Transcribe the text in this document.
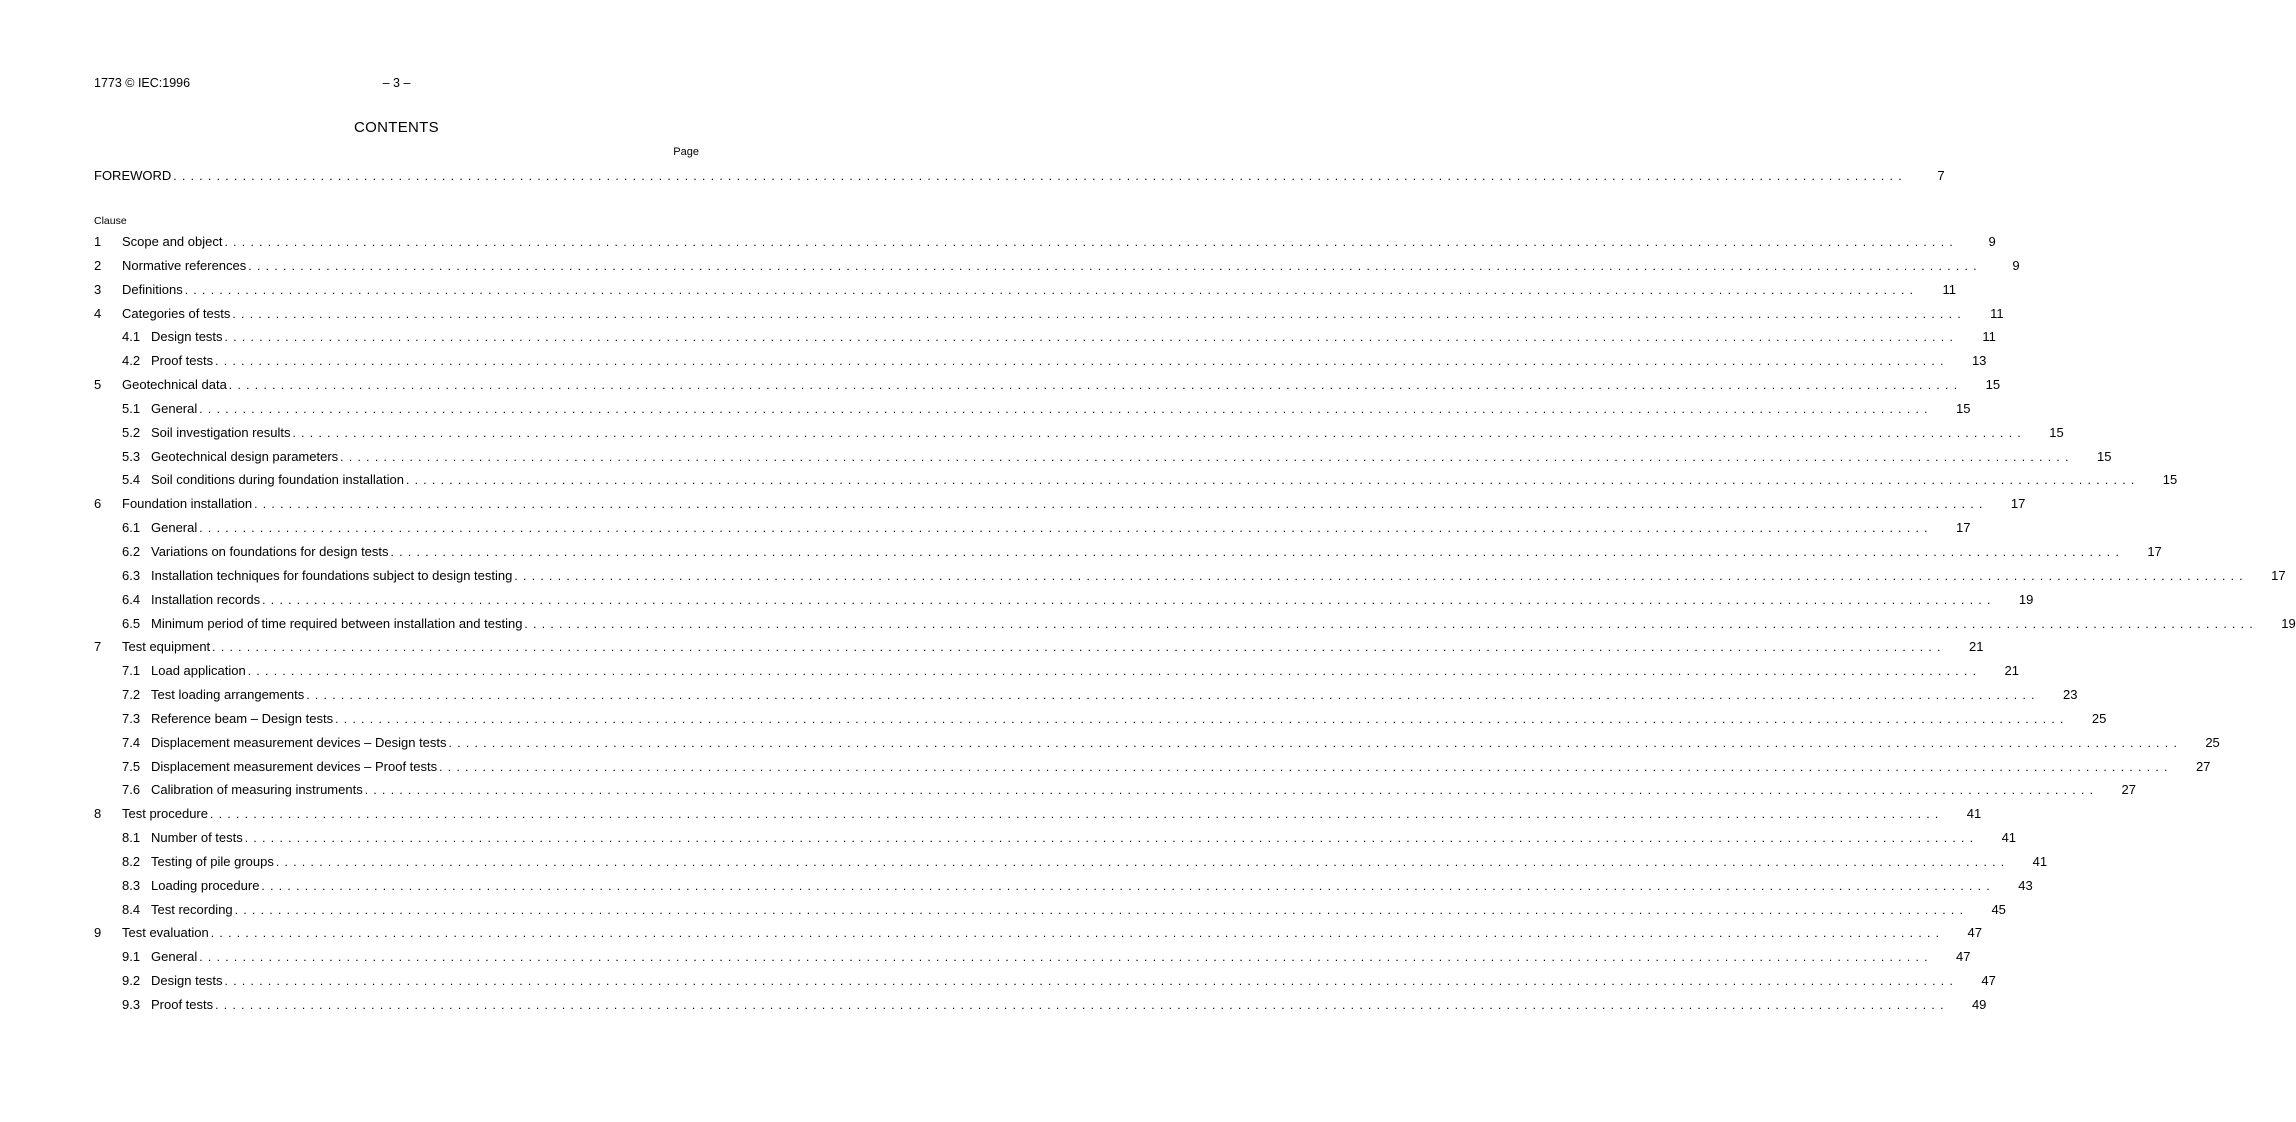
1773 © IEC:1996	– 3 –
CONTENTS
Page
FOREWORD . . . . . . . . . . . . . . . . . . . . . . . . . . . . . . . . . . . . . . . . . . . . . . . . . . . . . . . . . . . . . . . . . . . . . . . . . . . . . . . . . . . . . . . . . . . . . . . . . . . . . . . . . . . . . . . . . . . . . . . . . . . . . . . . . . . . . . . . . . . . . . . . . . . . . . . . . . . . . . . . . . . . . . . . . . . . . . . . . . . . . . . . . . . . . . . . . . . . . . . .	7
Clause
1	Scope and object . . . . . . . . . . . . . . . . . . . . . . . . . . . . . . . . . . . . . . . . . . . . . . . . . . . . . . . . . . . . . . . . . . . . . . . . . . . . . . . . . . . . . . . . . . . . . . . . . . . . . . . . . . . . . . . . . . . . . . . . . . . . . . . . . . . . . . . . . . . . . . . . . . . . . . . . . . . . . . . . . . . . . . . . . . . . . . . . . . . . . . . . . . . . . . . . . . . . . . . .	9
2	Normative references . . . . . . . . . . . . . . . . . . . . . . . . . . . . . . . . . . . . . . . . . . . . . . . . . . . . . . . . . . . . . . . . . . . . . . . . . . . . . . . . . . . . . . . . . . . . . . . . . . . . . . . . . . . . . . . . . . . . . . . . . . . . . . . . . . . . . . . . . . . . . . . . . . . . . . . . . . . . . . . . . . . . . . . . . . . . . . . . . . . . . . . . . . . . . . . . . . . . . . . .	9
3	Definitions . . . . . . . . . . . . . . . . . . . . . . . . . . . . . . . . . . . . . . . . . . . . . . . . . . . . . . . . . . . . . . . . . . . . . . . . . . . . . . . . . . . . . . . . . . . . . . . . . . . . . . . . . . . . . . . . . . . . . . . . . . . . . . . . . . . . . . . . . . . . . . . . . . . . . . . . . . . . . . . . . . . . . . . . . . . . . . . . . . . . . . . . . . . . . . . . . . . . . . . .	11
4	Categories of tests . . . . . . . . . . . . . . . . . . . . . . . . . . . . . . . . . . . . . . . . . . . . . . . . . . . . . . . . . . . . . . . . . . . . . . . . . . . . . . . . . . . . . . . . . . . . . . . . . . . . . . . . . . . . . . . . . . . . . . . . . . . . . . . . . . . . . . . . . . . . . . . . . . . . . . . . . . . . . . . . . . . . . . . . . . . . . . . . . . . . . . . . . . . . . . . . . . . . . . . .	11
4.1 Design tests . . . . . . . . . . . . . . . . . . . . . . . . . . . . . . . . . . . . . . . . . . . . . . . . . . . . . . . . . . . . . . . . . . . . . . . . . . . . . . . . . . . . . . . . . . . . . . . . . . . . . . . . . . . . . . . . . . . . . . . . . . . . . . . . . . . . . . . . . . . . . . . . . . . . . . . . . . . . . . . . . . . . . . . . . . . . . . . . . . . . . . . . . . . . . . . . . . . . . . . .	11
4.2 Proof tests . . . . . . . . . . . . . . . . . . . . . . . . . . . . . . . . . . . . . . . . . . . . . . . . . . . . . . . . . . . . . . . . . . . . . . . . . . . . . . . . . . . . . . . . . . . . . . . . . . . . . . . . . . . . . . . . . . . . . . . . . . . . . . . . . . . . . . . . . . . . . . . . . . . . . . . . . . . . . . . . . . . . . . . . . . . . . . . . . . . . . . . . . . . . . . . . . . . . . . . .	13
5	Geotechnical data . . . . . . . . . . . . . . . . . . . . . . . . . . . . . . . . . . . . . . . . . . . . . . . . . . . . . . . . . . . . . . . . . . . . . . . . . . . . . . . . . . . . . . . . . . . . . . . . . . . . . . . . . . . . . . . . . . . . . . . . . . . . . . . . . . . . . . . . . . . . . . . . . . . . . . . . . . . . . . . . . . . . . . . . . . . . . . . . . . . . . . . . . . . . . . . . . . . . . . . .	15
5.1 General . . . . . . . . . . . . . . . . . . . . . . . . . . . . . . . . . . . . . . . . . . . . . . . . . . . . . . . . . . . . . . . . . . . . . . . . . . . . . . . . . . . . . . . . . . . . . . . . . . . . . . . . . . . . . . . . . . . . . . . . . . . . . . . . . . . . . . . . . . . . . . . . . . . . . . . . . . . . . . . . . . . . . . . . . . . . . . . . . . . . . . . . . . . . . . . . . . . . . . . .	15
5.2 Soil investigation results . . . . . . . . . . . . . . . . . . . . . . . . . . . . . . . . . . . . . . . . . . . . . . . . . . . . . . . . . . . . . . . . . . . . . . . . . . . . . . . . . . . . . . . . . . . . . . . . . . . . . . . . . . . . . . . . . . . . . . . . . . . . . . . . . . . . . . . . . . . . . . . . . . . . . . . . . . . . . . . . . . . . . . . . . . . . . . . . . . . . . . . . . . . . . . . . . . . . . . . .	15
5.3 Geotechnical design parameters . . . . . . . . . . . . . . . . . . . . . . . . . . . . . . . . . . . . . . . . . . . . . . . . . . . . . . . . . . . . . . . . . . . . . . . . . . . . . . . . . . . . . . . . . . . . . . . . . . . . . . . . . . . . . . . . . . . . . . . . . . . . . . . . . . . . . . . . . . . . . . . . . . . . . . . . . . . . . . . . . . . . . . . . . . . . . . . . . . . . . . . . . . . . . . . . . . . . . . . .	15
5.4 Soil conditions during foundation installation . . . . . . . . . . . . . . . . . . . . . . . . . . . . . . . . . . . . . . . . . . . . . . . . . . . . . . . . . . . . . . . . . . . . . . . . . . . . . . . . . . . . . . . . . . . . . . . . . . . . . . . . . . . . . . . . . . . . . . . . . . . . . . . . . . . . . . . . . . . . . . . . . . . . . . . . . . . . . . . . . . . . . . . . . . . . . . . . . . . . . . . . . . . . . . . . . . . . . . . .	15
6	Foundation installation . . . . . . . . . . . . . . . . . . . . . . . . . . . . . . . . . . . . . . . . . . . . . . . . . . . . . . . . . . . . . . . . . . . . . . . . . . . . . . . . . . . . . . . . . . . . . . . . . . . . . . . . . . . . . . . . . . . . . . . . . . . . . . . . . . . . . . . . . . . . . . . . . . . . . . . . . . . . . . . . . . . . . . . . . . . . . . . . . . . . . . . . . . . . . . . . . . . . . . . .	17
6.1 General . . . . . . . . . . . . . . . . . . . . . . . . . . . . . . . . . . . . . . . . . . . . . . . . . . . . . . . . . . . . . . . . . . . . . . . . . . . . . . . . . . . . . . . . . . . . . . . . . . . . . . . . . . . . . . . . . . . . . . . . . . . . . . . . . . . . . . . . . . . . . . . . . . . . . . . . . . . . . . . . . . . . . . . . . . . . . . . . . . . . . . . . . . . . . . . . . . . . . . . .	17
6.2 Variations on foundations for design tests . . . . . . . . . . . . . . . . . . . . . . . . . . . . . . . . . . . . . . . . . . . . . . . . . . . . . . . . . . . . . . . . . . . . . . . . . . . . . . . . . . . . . . . . . . . . . . . . . . . . . . . . . . . . . . . . . . . . . . . . . . . . . . . . . . . . . . . . . . . . . . . . . . . . . . . . . . . . . . . . . . . . . . . . . . . . . . . . . . . . . . . . . . . . . . . . . . . . . . . .	17
6.3 Installation techniques for foundations subject to design testing . . . . . . . . . . . . . . . . . . . . . . . . . . . . . . . . . . . . . . . . . . . . . . . . . . . . . . . . . . . . . . . . . . . . . . . . . . . . . . . . . . . . . . . . . . . . . . . . . . . . . . . . . . . . . . . . . . . . . . . . . . . . . . . . . . . . . . . . . . . . . . . . . . . . . . . . . . . . . . . . . . . . . . . . . . . . . . . . . . . . . . . . . . . . . . . . . . . . . . . .	17
6.4 Installation records . . . . . . . . . . . . . . . . . . . . . . . . . . . . . . . . . . . . . . . . . . . . . . . . . . . . . . . . . . . . . . . . . . . . . . . . . . . . . . . . . . . . . . . . . . . . . . . . . . . . . . . . . . . . . . . . . . . . . . . . . . . . . . . . . . . . . . . . . . . . . . . . . . . . . . . . . . . . . . . . . . . . . . . . . . . . . . . . . . . . . . . . . . . . . . . . . . . . . . . .	19
6.5 Minimum period of time required between installation and testing . . . . . . . . . . . . . . . . . . . . . . . . . . . . . . . . . . . . . . . . . . . . . . . . . . . . . . . . . . . . . . . . . . . . . . . . . . . . . . . . . . . . . . . . . . . . . . . . . . . . . . . . . . . . . . . . . . . . . . . . . . . . . . . . . . . . . . . . . . . . . . . . . . . . . . . . . . . . . . . . . . . . . . . . . . . . . . . . . . . . . . . . . . . . . . . . . . . . . . . .	19
7	Test equipment . . . . . . . . . . . . . . . . . . . . . . . . . . . . . . . . . . . . . . . . . . . . . . . . . . . . . . . . . . . . . . . . . . . . . . . . . . . . . . . . . . . . . . . . . . . . . . . . . . . . . . . . . . . . . . . . . . . . . . . . . . . . . . . . . . . . . . . . . . . . . . . . . . . . . . . . . . . . . . . . . . . . . . . . . . . . . . . . . . . . . . . . . . . . . . . . . . . . . . . .	21
7.1 Load application . . . . . . . . . . . . . . . . . . . . . . . . . . . . . . . . . . . . . . . . . . . . . . . . . . . . . . . . . . . . . . . . . . . . . . . . . . . . . . . . . . . . . . . . . . . . . . . . . . . . . . . . . . . . . . . . . . . . . . . . . . . . . . . . . . . . . . . . . . . . . . . . . . . . . . . . . . . . . . . . . . . . . . . . . . . . . . . . . . . . . . . . . . . . . . . . . . . . . . . .	21
7.2 Test loading arrangements . . . . . . . . . . . . . . . . . . . . . . . . . . . . . . . . . . . . . . . . . . . . . . . . . . . . . . . . . . . . . . . . . . . . . . . . . . . . . . . . . . . . . . . . . . . . . . . . . . . . . . . . . . . . . . . . . . . . . . . . . . . . . . . . . . . . . . . . . . . . . . . . . . . . . . . . . . . . . . . . . . . . . . . . . . . . . . . . . . . . . . . . . . . . . . . . . . . . . . . .	23
7.3 Reference beam – Design tests . . . . . . . . . . . . . . . . . . . . . . . . . . . . . . . . . . . . . . . . . . . . . . . . . . . . . . . . . . . . . . . . . . . . . . . . . . . . . . . . . . . . . . . . . . . . . . . . . . . . . . . . . . . . . . . . . . . . . . . . . . . . . . . . . . . . . . . . . . . . . . . . . . . . . . . . . . . . . . . . . . . . . . . . . . . . . . . . . . . . . . . . . . . . . . . . . . . . . . . .	25
7.4 Displacement measurement devices – Design tests . . . . . . . . . . . . . . . . . . . . . . . . . . . . . . . . . . . . . . . . . . . . . . . . . . . . . . . . . . . . . . . . . . . . . . . . . . . . . . . . . . . . . . . . . . . . . . . . . . . . . . . . . . . . . . . . . . . . . . . . . . . . . . . . . . . . . . . . . . . . . . . . . . . . . . . . . . . . . . . . . . . . . . . . . . . . . . . . . . . . . . . . . . . . . . . . . . . . . . . .	25
7.5 Displacement measurement devices – Proof tests . . . . . . . . . . . . . . . . . . . . . . . . . . . . . . . . . . . . . . . . . . . . . . . . . . . . . . . . . . . . . . . . . . . . . . . . . . . . . . . . . . . . . . . . . . . . . . . . . . . . . . . . . . . . . . . . . . . . . . . . . . . . . . . . . . . . . . . . . . . . . . . . . . . . . . . . . . . . . . . . . . . . . . . . . . . . . . . . . . . . . . . . . . . . . . . . . . . . . . . .	27
7.6 Calibration of measuring instruments . . . . . . . . . . . . . . . . . . . . . . . . . . . . . . . . . . . . . . . . . . . . . . . . . . . . . . . . . . . . . . . . . . . . . . . . . . . . . . . . . . . . . . . . . . . . . . . . . . . . . . . . . . . . . . . . . . . . . . . . . . . . . . . . . . . . . . . . . . . . . . . . . . . . . . . . . . . . . . . . . . . . . . . . . . . . . . . . . . . . . . . . . . . . . . . . . . . . . . . .	27
8	Test procedure . . . . . . . . . . . . . . . . . . . . . . . . . . . . . . . . . . . . . . . . . . . . . . . . . . . . . . . . . . . . . . . . . . . . . . . . . . . . . . . . . . . . . . . . . . . . . . . . . . . . . . . . . . . . . . . . . . . . . . . . . . . . . . . . . . . . . . . . . . . . . . . . . . . . . . . . . . . . . . . . . . . . . . . . . . . . . . . . . . . . . . . . . . . . . . . . . . . . . . . .	41
8.1 Number of tests . . . . . . . . . . . . . . . . . . . . . . . . . . . . . . . . . . . . . . . . . . . . . . . . . . . . . . . . . . . . . . . . . . . . . . . . . . . . . . . . . . . . . . . . . . . . . . . . . . . . . . . . . . . . . . . . . . . . . . . . . . . . . . . . . . . . . . . . . . . . . . . . . . . . . . . . . . . . . . . . . . . . . . . . . . . . . . . . . . . . . . . . . . . . . . . . . . . . . . . .	41
8.2 Testing of pile groups . . . . . . . . . . . . . . . . . . . . . . . . . . . . . . . . . . . . . . . . . . . . . . . . . . . . . . . . . . . . . . . . . . . . . . . . . . . . . . . . . . . . . . . . . . . . . . . . . . . . . . . . . . . . . . . . . . . . . . . . . . . . . . . . . . . . . . . . . . . . . . . . . . . . . . . . . . . . . . . . . . . . . . . . . . . . . . . . . . . . . . . . . . . . . . . . . . . . . . . .	41
8.3 Loading procedure . . . . . . . . . . . . . . . . . . . . . . . . . . . . . . . . . . . . . . . . . . . . . . . . . . . . . . . . . . . . . . . . . . . . . . . . . . . . . . . . . . . . . . . . . . . . . . . . . . . . . . . . . . . . . . . . . . . . . . . . . . . . . . . . . . . . . . . . . . . . . . . . . . . . . . . . . . . . . . . . . . . . . . . . . . . . . . . . . . . . . . . . . . . . . . . . . . . . . . . .	43
8.4 Test recording . . . . . . . . . . . . . . . . . . . . . . . . . . . . . . . . . . . . . . . . . . . . . . . . . . . . . . . . . . . . . . . . . . . . . . . . . . . . . . . . . . . . . . . . . . . . . . . . . . . . . . . . . . . . . . . . . . . . . . . . . . . . . . . . . . . . . . . . . . . . . . . . . . . . . . . . . . . . . . . . . . . . . . . . . . . . . . . . . . . . . . . . . . . . . . . . . . . . . . . .	45
9	Test evaluation . . . . . . . . . . . . . . . . . . . . . . . . . . . . . . . . . . . . . . . . . . . . . . . . . . . . . . . . . . . . . . . . . . . . . . . . . . . . . . . . . . . . . . . . . . . . . . . . . . . . . . . . . . . . . . . . . . . . . . . . . . . . . . . . . . . . . . . . . . . . . . . . . . . . . . . . . . . . . . . . . . . . . . . . . . . . . . . . . . . . . . . . . . . . . . . . . . . . . . . .	47
9.1 General . . . . . . . . . . . . . . . . . . . . . . . . . . . . . . . . . . . . . . . . . . . . . . . . . . . . . . . . . . . . . . . . . . . . . . . . . . . . . . . . . . . . . . . . . . . . . . . . . . . . . . . . . . . . . . . . . . . . . . . . . . . . . . . . . . . . . . . . . . . . . . . . . . . . . . . . . . . . . . . . . . . . . . . . . . . . . . . . . . . . . . . . . . . . . . . . . . . . . . . .	47
9.2 Design tests . . . . . . . . . . . . . . . . . . . . . . . . . . . . . . . . . . . . . . . . . . . . . . . . . . . . . . . . . . . . . . . . . . . . . . . . . . . . . . . . . . . . . . . . . . . . . . . . . . . . . . . . . . . . . . . . . . . . . . . . . . . . . . . . . . . . . . . . . . . . . . . . . . . . . . . . . . . . . . . . . . . . . . . . . . . . . . . . . . . . . . . . . . . . . . . . . . . . . . . .	47
9.3 Proof tests . . . . . . . . . . . . . . . . . . . . . . . . . . . . . . . . . . . . . . . . . . . . . . . . . . . . . . . . . . . . . . . . . . . . . . . . . . . . . . . . . . . . . . . . . . . . . . . . . . . . . . . . . . . . . . . . . . . . . . . . . . . . . . . . . . . . . . . . . . . . . . . . . . . . . . . . . . . . . . . . . . . . . . . . . . . . . . . . . . . . . . . . . . . . . . . . . . . . . . . .	49
